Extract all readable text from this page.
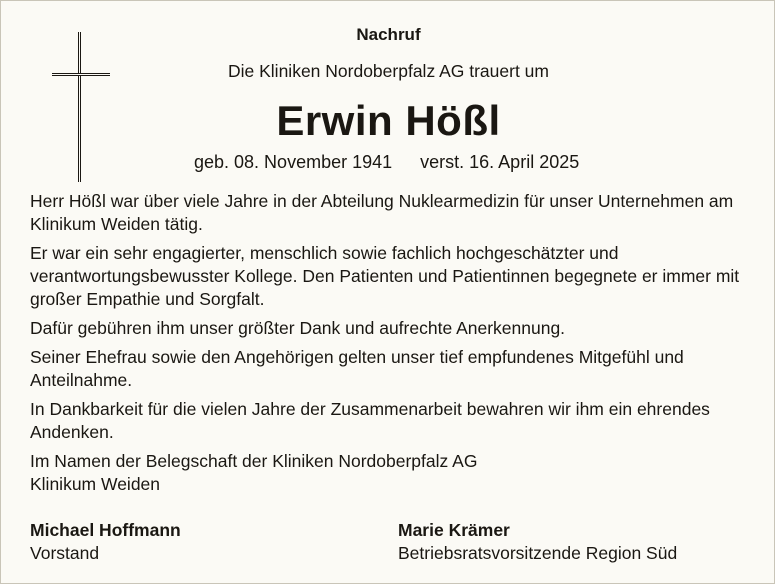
Nachruf
Die Kliniken Nordoberpfalz AG trauert um
Erwin Hößl
geb. 08. November 1941 verst. 16. April 2025

Herr Hößl war über viele Jahre in der Abteilung Nuklearmedizin für unser Unternehmen am Klinikum Weiden tätig.

Er war ein sehr engagierter, menschlich sowie fachlich hochgeschätzter und verantwortungsbewusster Kollege. Den Patienten und Patientinnen begegnete er immer mit großer Empathie und Sorgfalt.

Dafür gebühren ihm unser größter Dank und aufrechte Anerkennung.

Seiner Ehefrau sowie den Angehörigen gelten unser tief empfundenes Mitgefühl und Anteilnahme.

In Dankbarkeit für die vielen Jahre der Zusammenarbeit bewahren wir ihm ein ehrendes Andenken.

Im Namen der Belegschaft der Kliniken Nordoberpfalz AG
Klinikum Weiden

Michael Hoffmann
Vorstand
Marie Krämer
Betriebsratsvorsitzende Region Süd
